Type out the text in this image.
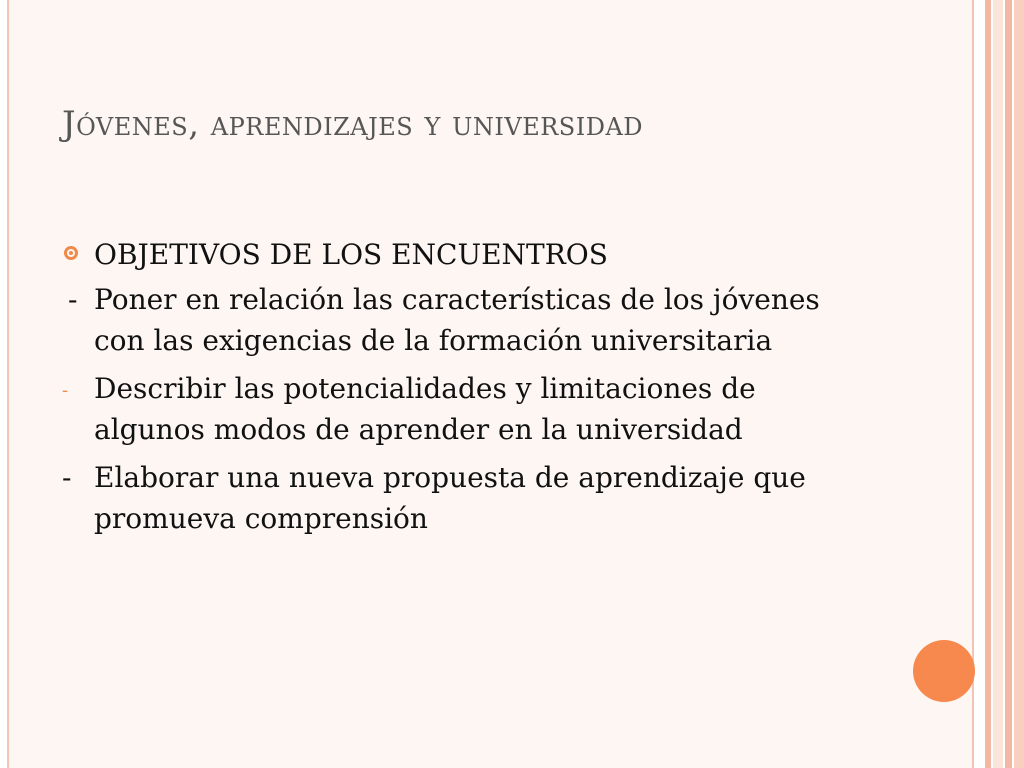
Jóvenes, aprendizajes y universidad
OBJETIVOS DE LOS ENCUENTROS
- Poner en relación las características de los jóvenes con las exigencias de la formación universitaria
- Describir las potencialidades y limitaciones de algunos modos de aprender en la universidad
- Elaborar una nueva propuesta de aprendizaje que promueva comprensión
